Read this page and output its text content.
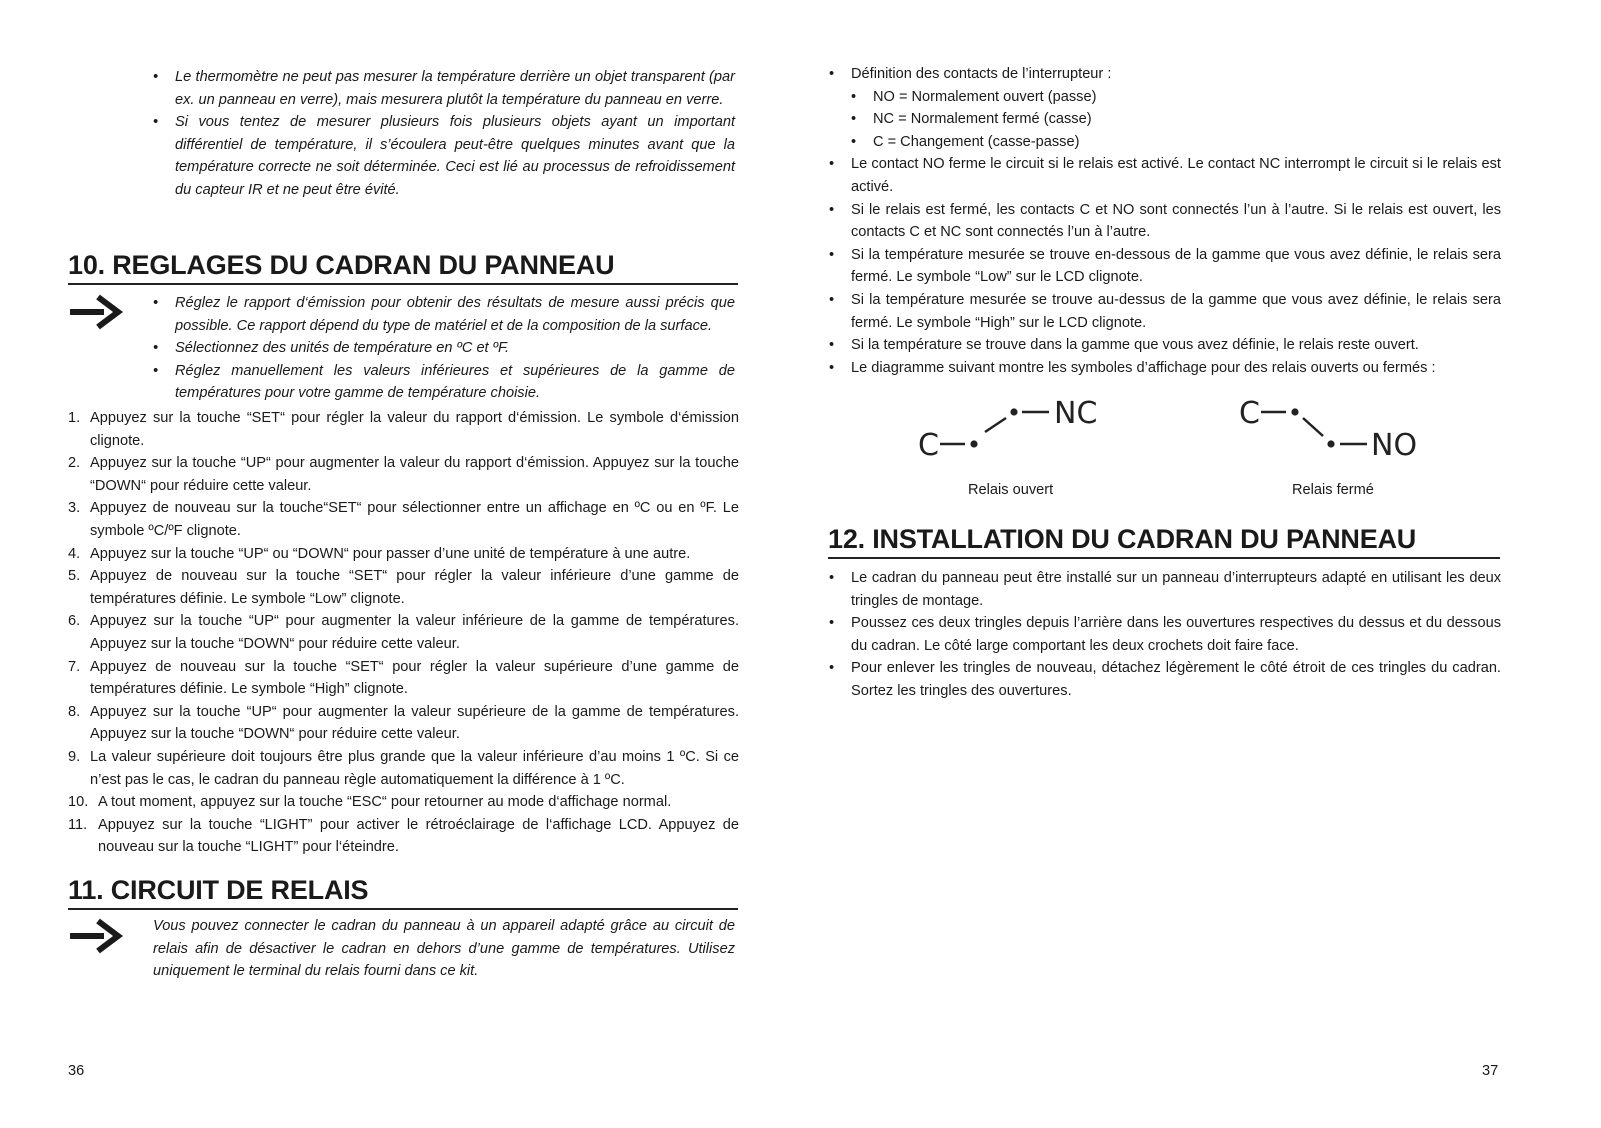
• Le thermomètre ne peut pas mesurer la température derrière un objet transparent (par ex. un panneau en verre), mais mesurera plutôt la température du panneau en verre.
• Si vous tentez de mesurer plusieurs fois plusieurs objets ayant un important différentiel de température, il s’écoulera peut-être quelques minutes avant que la température correcte ne soit déterminée. Ceci est lié au processus de refroidissement du capteur IR et ne peut être évité.
10. REGLAGES DU CADRAN DU PANNEAU
• Réglez le rapport d‘émission pour obtenir des résultats de mesure aussi précis que possible. Ce rapport dépend du type de matériel et de la composition de la surface.
• Sélectionnez des unités de température en ºC et ºF.
• Réglez manuellement les valeurs inférieures et supérieures de la gamme de températures pour votre gamme de température choisie.
1. Appuyez sur la touche “SET“ pour régler la valeur du rapport d‘émission. Le symbole d‘émission clignote.
2. Appuyez sur la touche “UP“ pour augmenter la valeur du rapport d‘émission. Appuyez sur la touche “DOWN“ pour réduire cette valeur.
3. Appuyez de nouveau sur la touche“SET“ pour sélectionner entre un affichage en ºC ou en ºF. Le symbole ºC/ºF clignote.
4. Appuyez sur la touche “UP“ ou “DOWN“ pour passer d’une unité de température à une autre.
5. Appuyez de nouveau sur la touche “SET“ pour régler la valeur inférieure d’une gamme de températures définie. Le symbole “Low” clignote.
6. Appuyez sur la touche “UP“ pour augmenter la valeur inférieure de la gamme de températures. Appuyez sur la touche “DOWN“ pour réduire cette valeur.
7. Appuyez de nouveau sur la touche “SET“ pour régler la valeur supérieure d’une gamme de températures définie. Le symbole “High” clignote.
8. Appuyez sur la touche “UP“ pour augmenter la valeur supérieure de la gamme de températures. Appuyez sur la touche “DOWN“ pour réduire cette valeur.
9. La valeur supérieure doit toujours être plus grande que la valeur inférieure d’au moins 1 ºC. Si ce n’est pas le cas, le cadran du panneau règle automatiquement la différence à 1 ºC.
10. A tout moment, appuyez sur la touche “ESC“ pour retourner au mode d‘affichage normal.
11. Appuyez sur la touche “LIGHT” pour activer le rétroéclairage de l‘affichage LCD. Appuyez de nouveau sur la touche “LIGHT” pour l‘éteindre.
11. CIRCUIT DE RELAIS
Vous pouvez connecter le cadran du panneau à un appareil adapté grâce au circuit de relais afin de désactiver le cadran en dehors d’une gamme de températures. Utilisez uniquement le terminal du relais fourni dans ce kit.
36
• Définition des contacts de l’interrupteur :
• NO = Normalement ouvert (passe)
• NC = Normalement fermé (casse)
• C = Changement (casse-passe)
• Le contact NO ferme le circuit si le relais est activé. Le contact NC interrompt le circuit si le relais est activé.
• Si le relais est fermé, les contacts C et NO sont connectés l’un à l’autre. Si le relais est ouvert, les contacts C et NC sont connectés l’un à l’autre.
• Si la température mesurée se trouve en-dessous de la gamme que vous avez définie, le relais sera fermé. Le symbole “Low” sur le LCD clignote.
• Si la température mesurée se trouve au-dessus de la gamme que vous avez définie, le relais sera fermé. Le symbole “High” sur le LCD clignote.
• Si la température se trouve dans la gamme que vous avez définie, le relais reste ouvert.
• Le diagramme suivant montre les symboles d’affichage pour des relais ouverts ou fermés :
C
NC
Relais ouvert
C
NO
Relais fermé
12. INSTALLATION DU CADRAN DU PANNEAU
• Le cadran du panneau peut être installé sur un panneau d’interrupteurs adapté en utilisant les deux tringles de montage.
• Poussez ces deux tringles depuis l’arrière dans les ouvertures respectives du dessus et du dessous du cadran. Le côté large comportant les deux crochets doit faire face.
• Pour enlever les tringles de nouveau, détachez légèrement le côté étroit de ces tringles du cadran. Sortez les tringles des ouvertures.
37
